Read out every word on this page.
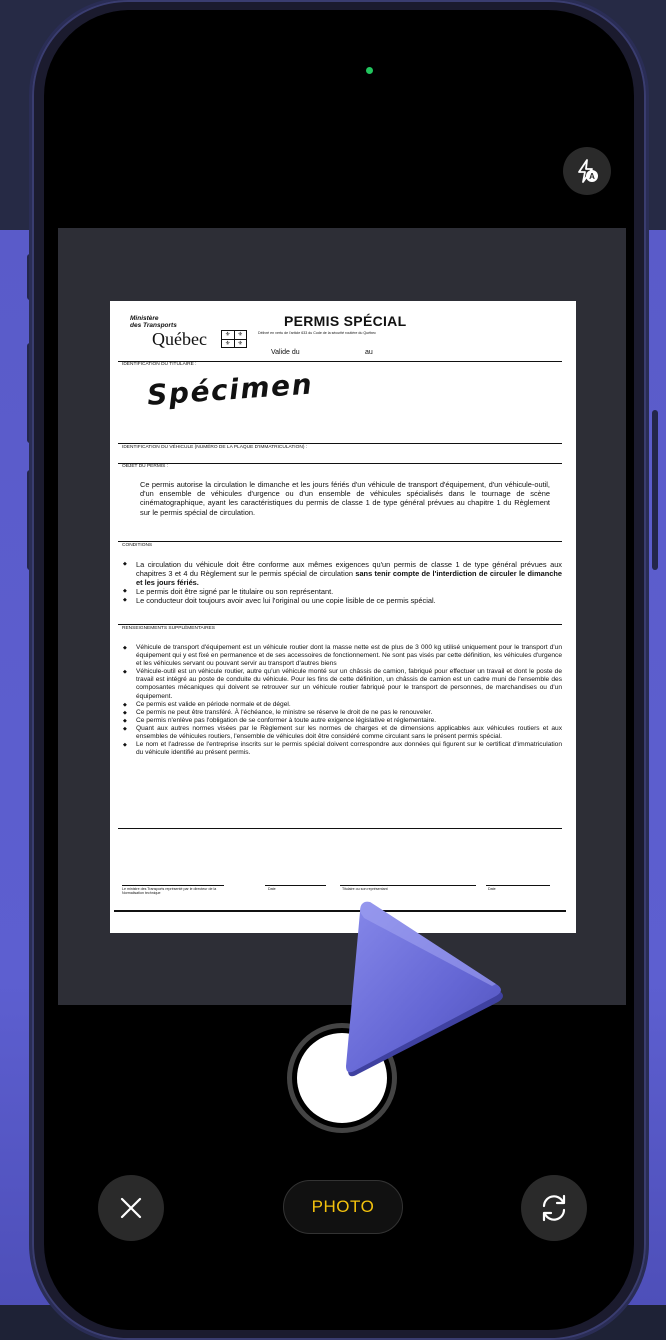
A
Ministère
des Transports
Québec	⚜	⚜
⚜	⚜
PERMIS SPÉCIAL
Délivré en vertu de l'article 633 du Code de la sécurité routière du Québec
Valide du	au
IDENTIFICATION DU TITULAIRE :
Spécimen
IDENTIFICATION DU VÉHICULE (NUMÉRO DE LA PLAQUE D'IMMATRICULATION) :
OBJET DU PERMIS :
Ce permis autorise la circulation le dimanche et les jours fériés d'un véhicule de transport d'équipement, d'un véhicule-outil, d'un ensemble de véhicules d'urgence ou d'un ensemble de véhicules spécialisés dans le tournage de scène cinématographique, ayant les caractéristiques du permis de classe 1 de type général prévues au chapitre 1 du Règlement sur le permis spécial de circulation.
CONDITIONS
◆ La circulation du véhicule doit être conforme aux mêmes exigences qu'un permis de classe 1 de type général prévues aux chapitres 3 et 4 du Règlement sur le permis spécial de circulation sans tenir compte de l'interdiction de circuler le dimanche et les jours fériés.
◆ Le permis doit être signé par le titulaire ou son représentant.
◆ Le conducteur doit toujours avoir avec lui l'original ou une copie lisible de ce permis spécial.
RENSEIGNEMENTS SUPPLÉMENTAIRES
◆ Véhicule de transport d'équipement est un véhicule routier dont la masse nette est de plus de 3 000 kg utilisé uniquement pour le transport d'un équipement qui y est fixé en permanence et de ses accessoires de fonctionnement. Ne sont pas visés par cette définition, les véhicules d'urgence et les véhicules servant ou pouvant servir au transport d'autres biens
◆ Véhicule-outil est un véhicule routier, autre qu'un véhicule monté sur un châssis de camion, fabriqué pour effectuer un travail et dont le poste de travail est intégré au poste de conduite du véhicule. Pour les fins de cette définition, un châssis de camion est un cadre muni de l'ensemble des composantes mécaniques qui doivent se retrouver sur un véhicule routier fabriqué pour le transport de personnes, de marchandises ou d'un équipement.
◆ Ce permis est valide en période normale et de dégel.
◆ Ce permis ne peut être transféré. À l'échéance, le ministre se réserve le droit de ne pas le renouveler.
◆ Ce permis n'enlève pas l'obligation de se conformer à toute autre exigence législative et réglementaire.
◆ Quant aux autres normes visées par le Règlement sur les normes de charges et de dimensions applicables aux véhicules routiers et aux ensembles de véhicules routiers, l'ensemble de véhicules doit être considéré comme circulant sans le présent permis spécial.
◆ Le nom et l'adresse de l'entreprise inscrits sur le permis spécial doivent correspondre aux données qui figurent sur le certificat d'immatriculation du véhicule identifié au présent permis.
Le ministre des Transports représenté par le directeur de la Normalisation technique
Date	Titulaire ou son représentant	Date
PHOTO
